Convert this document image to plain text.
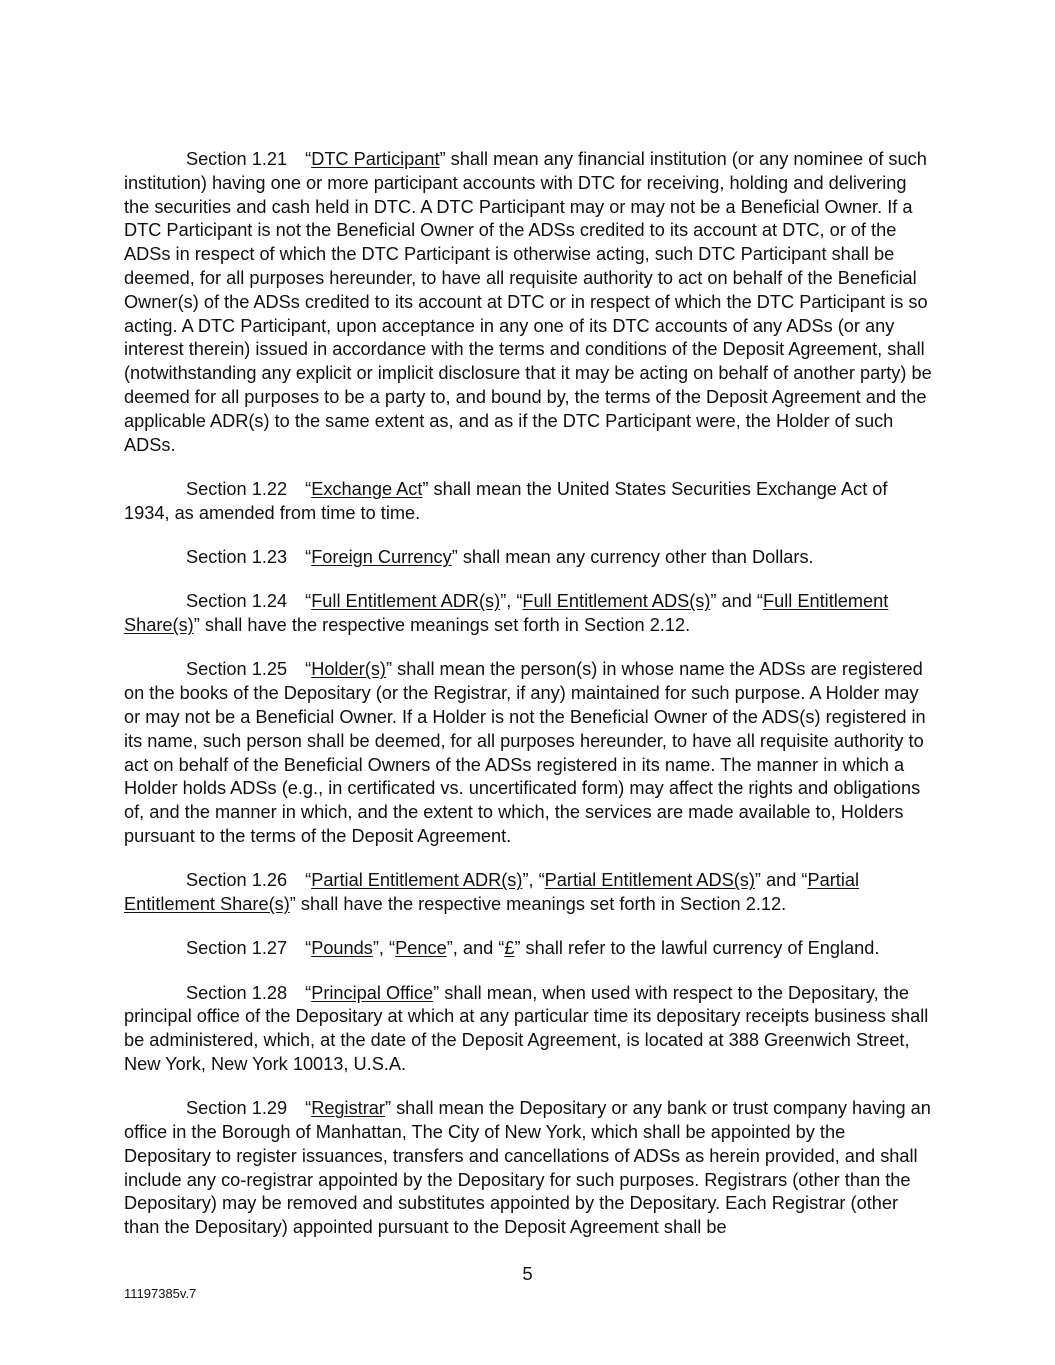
Section 1.21 “DTC Participant” shall mean any financial institution (or any nominee of such institution) having one or more participant accounts with DTC for receiving, holding and delivering the securities and cash held in DTC. A DTC Participant may or may not be a Beneficial Owner. If a DTC Participant is not the Beneficial Owner of the ADSs credited to its account at DTC, or of the ADSs in respect of which the DTC Participant is otherwise acting, such DTC Participant shall be deemed, for all purposes hereunder, to have all requisite authority to act on behalf of the Beneficial Owner(s) of the ADSs credited to its account at DTC or in respect of which the DTC Participant is so acting. A DTC Participant, upon acceptance in any one of its DTC accounts of any ADSs (or any interest therein) issued in accordance with the terms and conditions of the Deposit Agreement, shall (notwithstanding any explicit or implicit disclosure that it may be acting on behalf of another party) be deemed for all purposes to be a party to, and bound by, the terms of the Deposit Agreement and the applicable ADR(s) to the same extent as, and as if the DTC Participant were, the Holder of such ADSs.

Section 1.22 “Exchange Act” shall mean the United States Securities Exchange Act of 1934, as amended from time to time.

Section 1.23 “Foreign Currency” shall mean any currency other than Dollars.

Section 1.24 “Full Entitlement ADR(s)”, “Full Entitlement ADS(s)” and “Full Entitlement Share(s)” shall have the respective meanings set forth in Section 2.12.

Section 1.25 “Holder(s)” shall mean the person(s) in whose name the ADSs are registered on the books of the Depositary (or the Registrar, if any) maintained for such purpose. A Holder may or may not be a Beneficial Owner. If a Holder is not the Beneficial Owner of the ADS(s) registered in its name, such person shall be deemed, for all purposes hereunder, to have all requisite authority to act on behalf of the Beneficial Owners of the ADSs registered in its name. The manner in which a Holder holds ADSs (e.g., in certificated vs. uncertificated form) may affect the rights and obligations of, and the manner in which, and the extent to which, the services are made available to, Holders pursuant to the terms of the Deposit Agreement.

Section 1.26 “Partial Entitlement ADR(s)”, “Partial Entitlement ADS(s)” and “Partial Entitlement Share(s)” shall have the respective meanings set forth in Section 2.12.

Section 1.27 “Pounds”, “Pence”, and “£” shall refer to the lawful currency of England.

Section 1.28 “Principal Office” shall mean, when used with respect to the Depositary, the principal office of the Depositary at which at any particular time its depositary receipts business shall be administered, which, at the date of the Deposit Agreement, is located at 388 Greenwich Street, New York, New York 10013, U.S.A.

Section 1.29 “Registrar” shall mean the Depositary or any bank or trust company having an office in the Borough of Manhattan, The City of New York, which shall be appointed by the Depositary to register issuances, transfers and cancellations of ADSs as herein provided, and shall include any co-registrar appointed by the Depositary for such purposes. Registrars (other than the Depositary) may be removed and substitutes appointed by the Depositary. Each Registrar (other than the Depositary) appointed pursuant to the Deposit Agreement shall be

5
11197385v.7
